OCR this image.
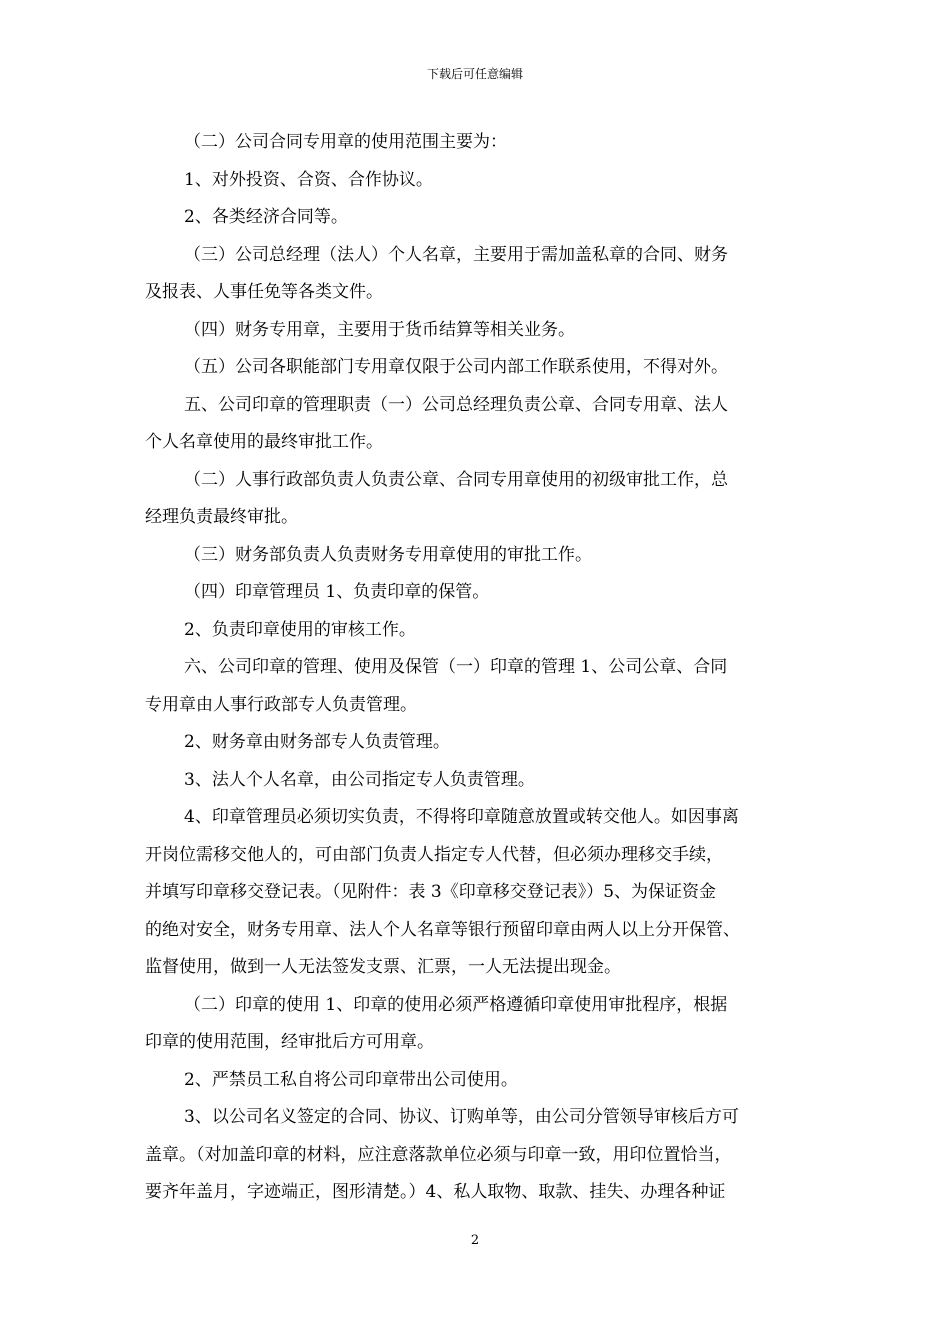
下载后可任意编辑

（二）公司合同专用章的使用范围主要为：

1、对外投资、合资、合作协议。

2、各类经济合同等。

（三）公司总经理（法人）个人名章，主要用于需加盖私章的合同、财务

及报表、人事任免等各类文件。

（四）财务专用章，主要用于货币结算等相关业务。

（五）公司各职能部门专用章仅限于公司内部工作联系使用，不得对外。

五、公司印章的管理职责（一）公司总经理负责公章、合同专用章、法人

个人名章使用的最终审批工作。

（二）人事行政部负责人负责公章、合同专用章使用的初级审批工作，总

经理负责最终审批。

（三）财务部负责人负责财务专用章使用的审批工作。

（四）印章管理员 1、负责印章的保管。

2、负责印章使用的审核工作。

六、公司印章的管理、使用及保管（一）印章的管理 1、公司公章、合同

专用章由人事行政部专人负责管理。

2、财务章由财务部专人负责管理。

3、法人个人名章，由公司指定专人负责管理。

4、印章管理员必须切实负责，不得将印章随意放置或转交他人。如因事离

开岗位需移交他人的，可由部门负责人指定专人代替，但必须办理移交手续，

并填写印章移交登记表。（见附件：表 3《印章移交登记表》）5、为保证资金

的绝对安全，财务专用章、法人个人名章等银行预留印章由两人以上分开保管、

监督使用，做到一人无法签发支票、汇票，一人无法提出现金。

（二）印章的使用 1、印章的使用必须严格遵循印章使用审批程序，根据

印章的使用范围，经审批后方可用章。

2、严禁员工私自将公司印章带出公司使用。

3、以公司名义签定的合同、协议、订购单等，由公司分管领导审核后方可

盖章。（对加盖印章的材料，应注意落款单位必须与印章一致，用印位置恰当，

要齐年盖月，字迹端正，图形清楚。）4、私人取物、取款、挂失、办理各种证

2
